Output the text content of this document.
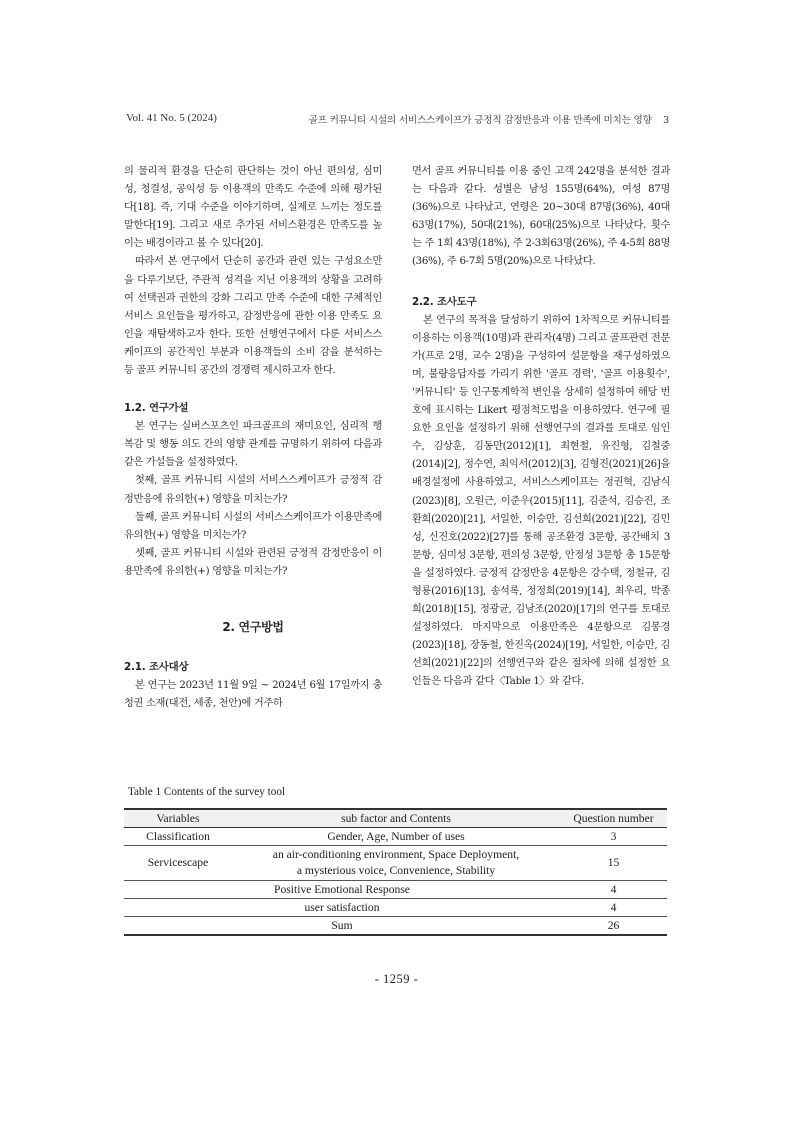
Vol. 41 No. 5 (2024)	골프 커뮤니티 시설의 서비스스케이프가 긍정적 감정반응과 이용 만족에 미치는 영향 3

의 물리적 환경을 단순히 판단하는 것이 아닌 편의성, 심미성, 청결성, 공익성 등 이용객의 만족도 수준에 의해 평가된다[18]. 즉, 기대 수준을 이야기하며, 실제로 느끼는 정도를 말한다[19]. 그리고 새로 추가된 서비스환경은 만족도를 높이는 배경이라고 볼 수 있다[20].

따라서 본 연구에서 단순히 공간과 관련 있는 구성요소만을 다루기보단, 주관적 성격을 지닌 이용객의 상황을 고려하여 선택권과 권한의 강화 그리고 만족 수준에 대한 구체적인 서비스 요인들을 평가하고, 감정반응에 관한 이용 만족도 요인을 재탐색하고자 한다. 또한 선행연구에서 다룬 서비스스케이프의 공간적인 부분과 이용객들의 소비 감을 분석하는 등 골프 커뮤니티 공간의 경쟁력 제시하고자 한다.

1.2. 연구가설

본 연구는 실버스포츠인 파크골프의 재미요인, 심리적 행복감 및 행동 의도 간의 영향 관계를 규명하기 위하여 다음과 같은 가설들을 설정하였다.

첫째, 골프 커뮤니티 시설의 서비스스케이프가 긍정적 감정반응에 유의한(+) 영향을 미치는가?

둘째, 골프 커뮤니티 시설의 서비스스케이프가 이용만족에 유의한(+) 영향을 미치는가?

셋째, 골프 커뮤니티 시설와 관련된 긍정적 감정반응이 이용만족에 유의한(+) 영향을 미치는가?

2. 연구방법
2.1. 조사대상

본 연구는 2023년 11월 9일 ~ 2024년 6월 17일까지 충청권 소재(대전, 세종, 천안)에 거주하

면서 골프 커뮤니티를 이용 중인 고객 242명을 분석한 결과는 다음과 같다. 성별은 남성 155명(64%), 여성 87명(36%)으로 나타났고, 연령은 20~30대 87명(36%), 40대 63명(17%), 50대(21%), 60대(25%)으로 나타났다. 횟수는 주 1회 43명(18%), 주 2-3회63명(26%), 주 4-5회 88명(36%), 주 6-7회 5명(20%)으로 나타났다.

2.2. 조사도구

본 연구의 목적을 달성하기 위하여 1차적으로 커뮤니티를 이용하는 이용객(10명)과 관리자(4명) 그리고 골프관련 전문가(프로 2명, 교수 2명)을 구성하여 설문항을 재구성하였으며, 불량응답자를 가리기 위한 '골프 경력', '골프 이용횟수', '커뮤니티' 등 인구통계학적 변인을 상세히 설정하여 해당 번호에 표시하는 Likert 평점척도법을 이용하였다. 연구에 필요한 요인을 설정하기 위해 선행연구의 결과를 토대로 임인수, 김상훈, 김동만(2012)[1], 최현철, 유진형, 김철중(2014)[2], 정수연, 최익서(2012)[3], 김형진(2021)[26]을 배경설정에 사용하였고, 서비스스케이프는 정권혁, 김남식(2023)[8], 오원근, 이준우(2015)[11], 김준석, 김승진, 조환희(2020)[21], 서일한, 이승만, 김선희(2021)[22], 김민성, 신진호(2022)[27]를 통해 공조환경 3문항, 공간배치 3문항, 심미성 3문항, 편의성 3문항, 안정성 3문항 총 15문항을 설정하였다. 긍정적 감정반응 4문항은 강수택, 정철규, 김형룡(2016)[13], 송석록, 정정희(2019)[14], 최우리, 박종희(2018)[15], 정광균, 김남조(2020)[17]의 연구를 토대로 설정하였다. 마지막으로 이용만족은 4문항으로 김봉경(2023)[18], 장동철, 한진옥(2024)[19], 서일한, 이승만, 김선희(2021)[22]의 선행연구와 같은 절차에 의해 설정한 요인들은 다음과 같다〈Table 1〉와 같다.

Table 1 Contents of the survey tool
Variables	sub factor and Contents	Question number
Classification	Gender, Age, Number of uses	3
Servicescape	an air-conditioning environment, Space Deployment,
a mysterious voice, Convenience, Stability	15
Positive Emotional Response		4
user satisfaction		4
Sum		26
- 1259 -
